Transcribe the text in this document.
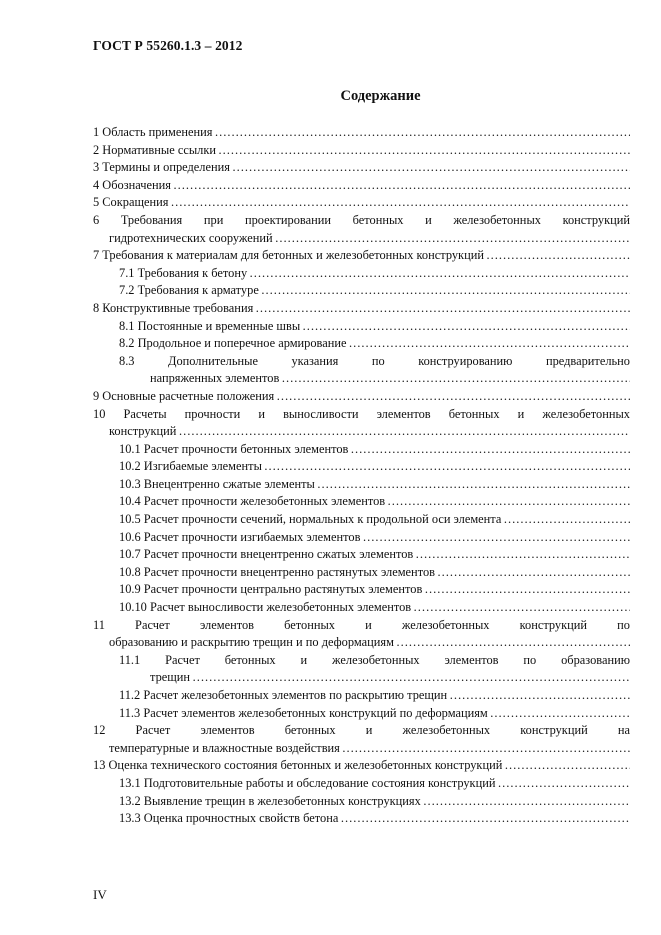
ГОСТ Р 55260.1.3 – 2012
Содержание
1 Область применения
…………………………………………………………………………………………………………………………………………………………………………
2 Нормативные ссылки
…………………………………………………………………………………………………………………………………………………………………………
3 Термины и определения
…………………………………………………………………………………………………………………………………………………………………………
4 Обозначения
…………………………………………………………………………………………………………………………………………………………………………
5 Сокращения
…………………………………………………………………………………………………………………………………………………………………………
6 Требования при проектировании бетонных и железобетонных конструкций
гидротехнических сооружений
…………………………………………………………………………………………………………………………………………………………………………
7 Требования к материалам для бетонных и железобетонных конструкций
…………………………………………………………………………………………………………………………………………………………………………
7.1 Требования к бетону
…………………………………………………………………………………………………………………………………………………………………………
7.2 Требования к арматуре
…………………………………………………………………………………………………………………………………………………………………………
8 Конструктивные требования
…………………………………………………………………………………………………………………………………………………………………………
8.1 Постоянные и временные швы
…………………………………………………………………………………………………………………………………………………………………………
8.2 Продольное и поперечное армирование
…………………………………………………………………………………………………………………………………………………………………………
8.3 Дополнительные указания по конструированию предварительно
напряженных элементов
…………………………………………………………………………………………………………………………………………………………………………
9 Основные расчетные положения
…………………………………………………………………………………………………………………………………………………………………………
10 Расчеты прочности и выносливости элементов бетонных и железобетонных
конструкций
…………………………………………………………………………………………………………………………………………………………………………
10.1 Расчет прочности бетонных элементов
…………………………………………………………………………………………………………………………………………………………………………
10.2 Изгибаемые элементы
…………………………………………………………………………………………………………………………………………………………………………
10.3 Внецентренно сжатые элементы
…………………………………………………………………………………………………………………………………………………………………………
10.4 Расчет прочности железобетонных элементов
…………………………………………………………………………………………………………………………………………………………………………
10.5 Расчет прочности сечений, нормальных к продольной оси элемента
…………………………………………………………………………………………………………………………………………………………………………
10.6 Расчет прочности изгибаемых элементов
…………………………………………………………………………………………………………………………………………………………………………
10.7 Расчет прочности внецентренно сжатых элементов
…………………………………………………………………………………………………………………………………………………………………………
10.8 Расчет прочности внецентренно растянутых элементов
…………………………………………………………………………………………………………………………………………………………………………
10.9 Расчет прочности центрально растянутых элементов
…………………………………………………………………………………………………………………………………………………………………………
10.10 Расчет выносливости железобетонных элементов
…………………………………………………………………………………………………………………………………………………………………………
11 Расчет элементов бетонных и железобетонных конструкций по
образованию и раскрытию трещин и по деформациям
…………………………………………………………………………………………………………………………………………………………………………
11.1 Расчет бетонных и железобетонных элементов по образованию
трещин
…………………………………………………………………………………………………………………………………………………………………………
11.2 Расчет железобетонных элементов по раскрытию трещин
…………………………………………………………………………………………………………………………………………………………………………
11.3 Расчет элементов железобетонных конструкций по деформациям
…………………………………………………………………………………………………………………………………………………………………………
12 Расчет элементов бетонных и железобетонных конструкций на
температурные и влажностные воздействия
…………………………………………………………………………………………………………………………………………………………………………
13 Оценка технического состояния бетонных и железобетонных конструкций
…………………………………………………………………………………………………………………………………………………………………………
13.1 Подготовительные работы и обследование состояния конструкций
…………………………………………………………………………………………………………………………………………………………………………
13.2 Выявление трещин в железобетонных конструкциях
…………………………………………………………………………………………………………………………………………………………………………
13.3 Оценка прочностных свойств бетона
…………………………………………………………………………………………………………………………………………………………………………
IV
